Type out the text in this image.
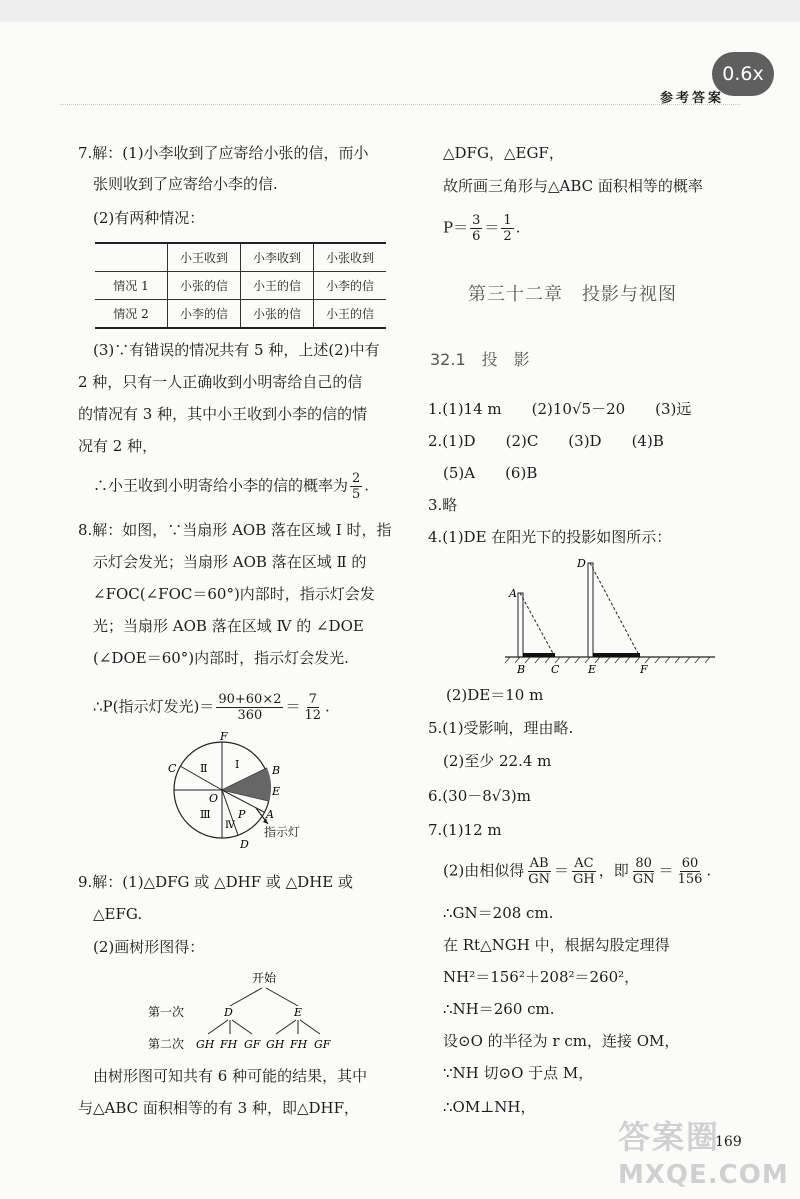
0.6x
参考答案
7.解：(1)小李收到了应寄给小张的信，而小
张则收到了应寄给小李的信.
(2)有两种情况：
	小王收到	小李收到	小张收到
情况 1	小张的信	小王的信	小李的信
情况 2	小李的信	小张的信	小王的信
(3)∵有错误的情况共有 5 种，上述(2)中有
2 种，只有一人正确收到小明寄给自己的信
的情况有 3 种，其中小王收到小李的信的情
况有 2 种，
∴小王收到小明寄给小李的信的概率为 $\frac{2}{5}$ .
8.解：如图，∵当扇形 AOB 落在区域 Ⅰ 时，指
示灯会发光；当扇形 AOB 落在区域 Ⅱ 的
∠FOC(∠FOC＝60°)内部时，指示灯会发
光；当扇形 AOB 落在区域 Ⅳ 的 ∠DOE
(∠DOE＝60°)内部时，指示灯会发光.
∴P(指示灯发光)＝ $\frac{90+60\times 2}{360} = \frac{7}{12}$ .
F
B
C
E
O
A
P
D
Ⅱ	Ⅰ
Ⅲ
Ⅳ 指示灯
9.解：(1)△DFG 或 △DHF 或 △DHE 或
△EFG.
(2)画树形图得：
开始
第一次	D	E
第二次 GH FH GF GH FH GF
由树形图可知共有 6 种可能的结果，其中
与△ABC 面积相等的有 3 种，即△DHF，
△DFG，△EGF，
故所画三角形与△ABC 面积相等的概率
$P= \frac{3}{6} = \frac{1}{2}$ .
第三十二章　投影与视图
32.1　投　影
1.(1)14 m　　(2)10√5－20　　(3)远
2.(1)D　　(2)C　　(3)D　　(4)B
(5)A　　(6)B
3.略
4.(1)DE 在阳光下的投影如图所示：
A
B C
D
E	F
(2)DE＝10 m
5.(1)受影响，理由略.
(2)至少 22.4 m
6.(30－8√3)m
7.(1)12 m
(2)由相似得 $\frac{AB}{GN} = \frac{AC}{GH}$ ，即 $\frac{80}{GN} = \frac{60}{156}$ .
∴GN＝208 cm.
在 Rt△NGH 中，根据勾股定理得
NH²＝156²＋208²＝260²，
∴NH＝260 cm.
设⊙O 的半径为 r cm，连接 OM，
∵NH 切⊙O 于点 M，
∴OM⊥NH，
答案圈
MXQE.COM
169
